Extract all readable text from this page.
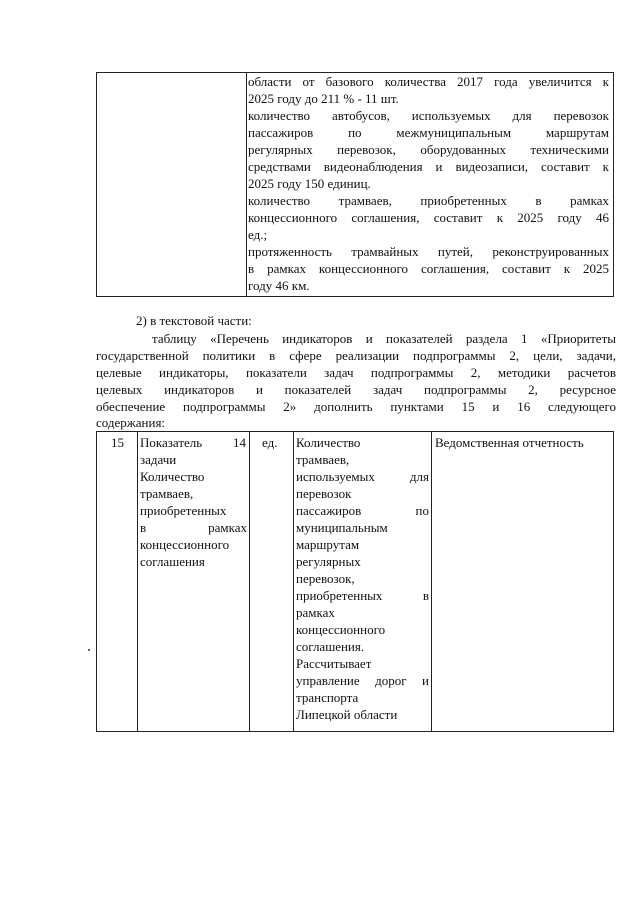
области от базового количества 2017 года увеличится к
2025 году до 211 % - 11 шт.
количество автобусов, используемых для перевозок
пассажиров по межмуниципальным маршрутам
регулярных перевозок, оборудованных техническими
средствами видеонаблюдения и видеозаписи, составит к
2025 году 150 единиц.
количество трамваев, приобретенных в рамках
концессионного соглашения, составит к 2025 году 46
ед.;
протяженность трамвайных путей, реконструированных
в рамках концессионного соглашения, составит к 2025
году 46 км.
2) в текстовой части:
таблицу «Перечень индикаторов и показателей раздела 1 «Приоритеты
государственной политики в сфере реализации подпрограммы 2, цели, задачи,
целевые индикаторы, показатели задач подпрограммы 2, методики расчетов
целевых индикаторов и показателей задач подпрограммы 2, ресурсное
обеспечение подпрограммы 2» дополнить пунктами 15 и 16 следующего
содержания:
15 Показатель 14
задачи
Количество
трамваев,
приобретенных
в рамках
концессионного
соглашения
ед. Количество
трамваев,
используемых для
перевозок
пассажиров по
муниципальным
маршрутам
регулярных
перевозок,
приобретенных в
рамках
концессионного
соглашения.
Рассчитывает
управление дорог и
транспорта
Липецкой области
Ведомственная отчетность
